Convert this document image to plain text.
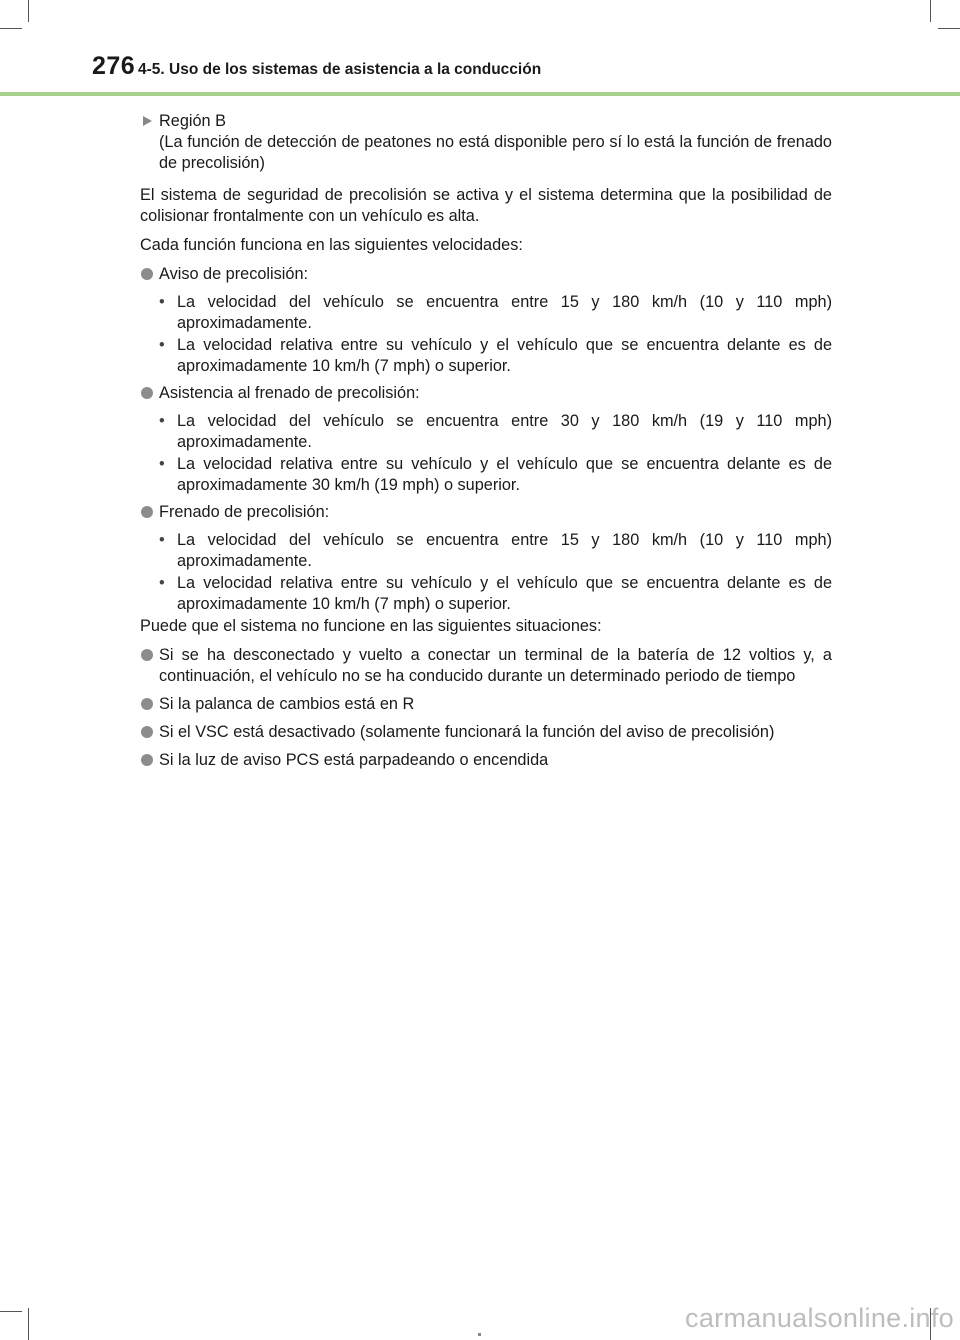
276 4-5. Uso de los sistemas de asistencia a la conducción
Región B
(La función de detección de peatones no está disponible pero sí lo está la función de frenado de precolisión)

El sistema de seguridad de precolisión se activa y el sistema determina que la posibilidad de colisionar frontalmente con un vehículo es alta.

Cada función funciona en las siguientes velocidades:

Aviso de precolisión:
• La velocidad del vehículo se encuentra entre 15 y 180 km/h (10 y 110 mph) aproximadamente.
• La velocidad relativa entre su vehículo y el vehículo que se encuentra delante es de aproximadamente 10 km/h (7 mph) o superior.
Asistencia al frenado de precolisión:
• La velocidad del vehículo se encuentra entre 30 y 180 km/h (19 y 110 mph) aproximadamente.
• La velocidad relativa entre su vehículo y el vehículo que se encuentra delante es de aproximadamente 30 km/h (19 mph) o superior.
Frenado de precolisión:
• La velocidad del vehículo se encuentra entre 15 y 180 km/h (10 y 110 mph) aproximadamente.
• La velocidad relativa entre su vehículo y el vehículo que se encuentra delante es de aproximadamente 10 km/h (7 mph) o superior.

Puede que el sistema no funcione en las siguientes situaciones:

Si se ha desconectado y vuelto a conectar un terminal de la batería de 12 voltios y, a continuación, el vehículo no se ha conducido durante un determinado periodo de tiempo
Si la palanca de cambios está en R
Si el VSC está desactivado (solamente funcionará la función del aviso de precolisión)
Si la luz de aviso PCS está parpadeando o encendida
carmanualsonline.info
